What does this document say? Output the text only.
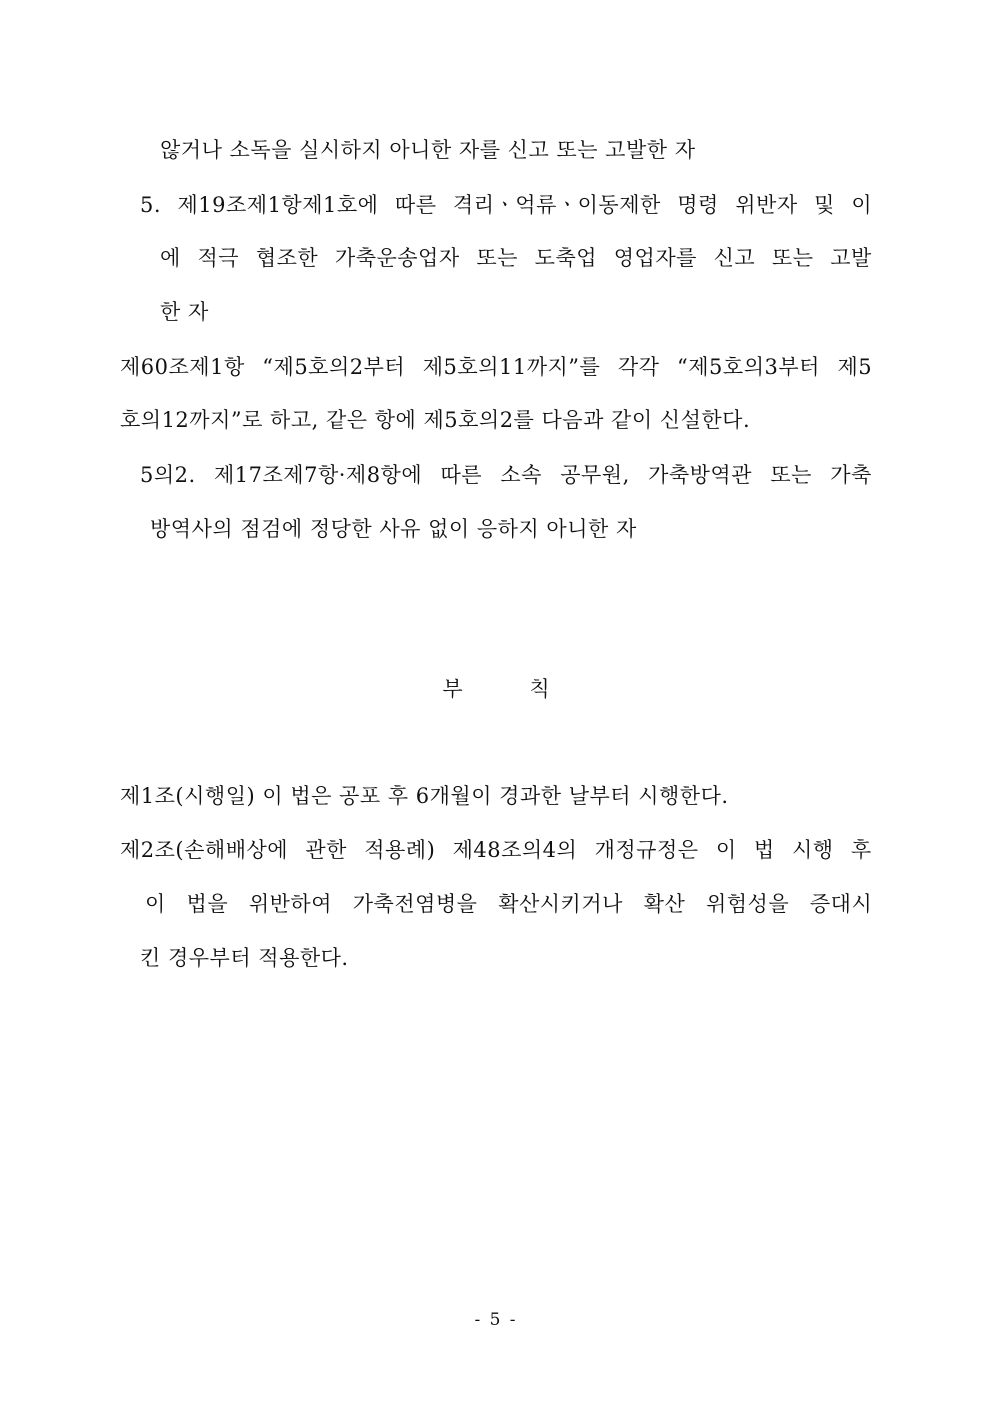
않거나 소독을 실시하지 아니한 자를 신고 또는 고발한 자
5. 제19조제1항제1호에 따른 격리ㆍ억류ㆍ이동제한 명령 위반자 및 이
에 적극 협조한 가축운송업자 또는 도축업 영업자를 신고 또는 고발
한 자
제60조제1항 “제5호의2부터 제5호의11까지”를 각각 “제5호의3부터 제5
호의12까지”로 하고, 같은 항에 제5호의2를 다음과 같이 신설한다.
5의2. 제17조제7항·제8항에 따른 소속 공무원, 가축방역관 또는 가축
방역사의 점검에 정당한 사유 없이 응하지 아니한 자
부 칙
제1조(시행일) 이 법은 공포 후 6개월이 경과한 날부터 시행한다.
제2조(손해배상에 관한 적용례) 제48조의4의 개정규정은 이 법 시행 후
이 법을 위반하여 가축전염병을 확산시키거나 확산 위험성을 증대시
킨 경우부터 적용한다.
- 5 -
